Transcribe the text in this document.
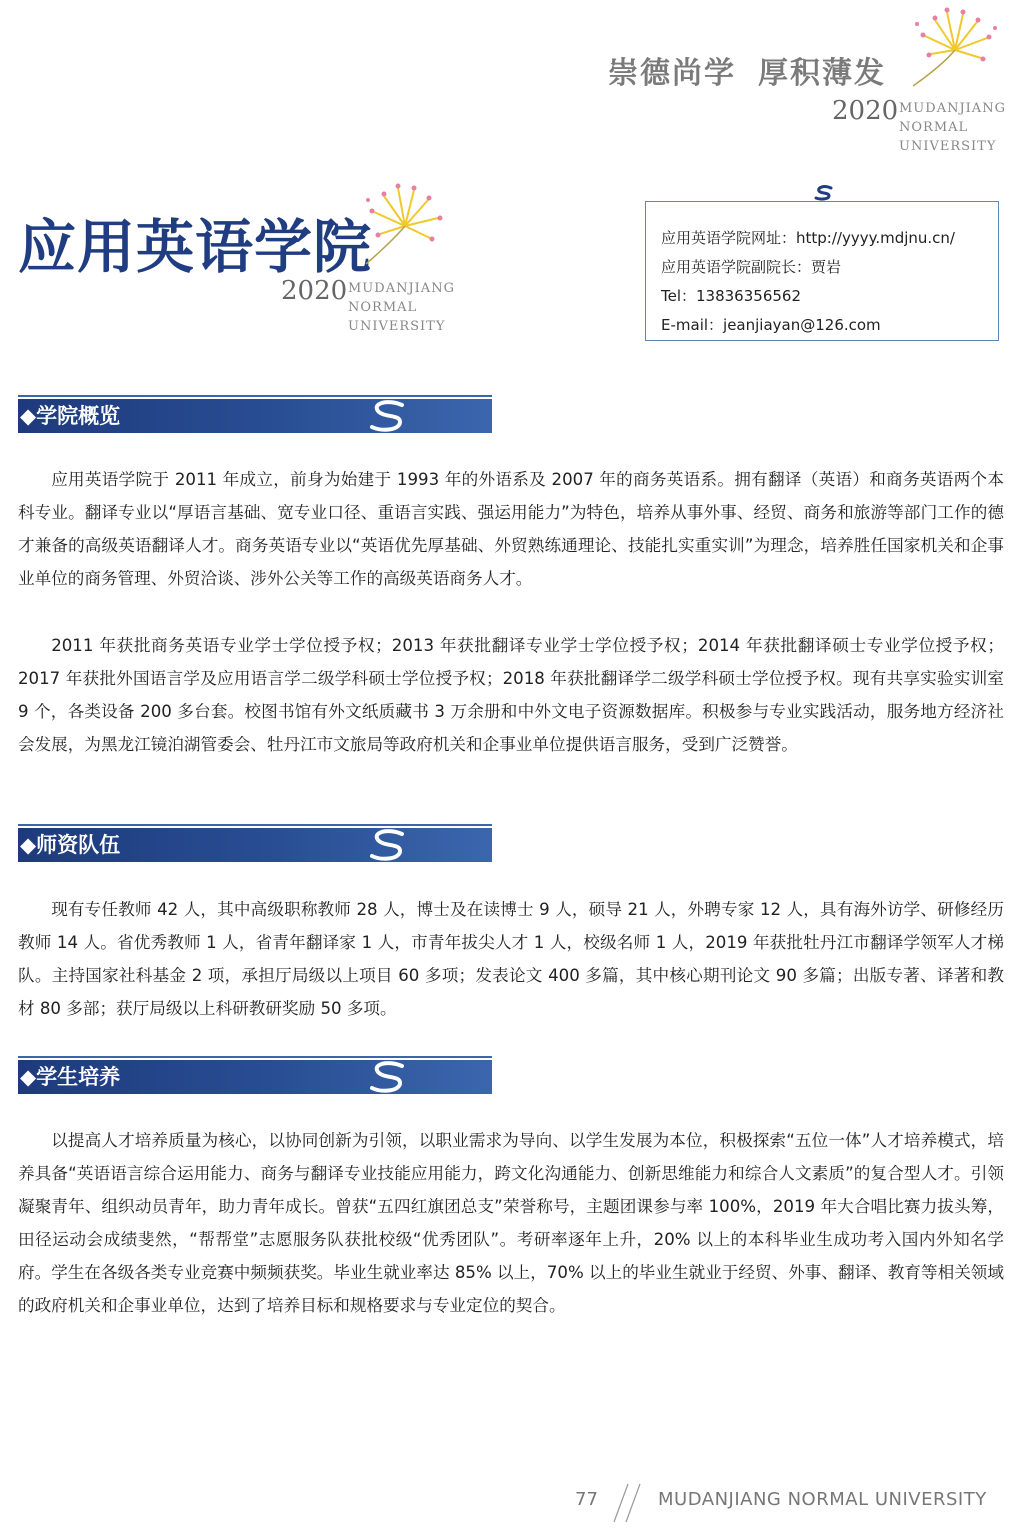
崇德尚学 厚积薄发
2020 MUDANJIANG
NORMAL
UNIVERSITY
应用英语学院
2020 MUDANJIANG
NORMAL
UNIVERSITY
应用英语学院网址：http://yyyy.mdjnu.cn/
应用英语学院副院长：贾岩
Tel：13836356562
E-mail：jeanjiayan@126.com
◆学院概览

应用英语学院于 2011 年成立，前身为始建于 1993 年的外语系及 2007 年的商务英语系。拥有翻译（英语）和商务英语两个本科专业。翻译专业以“厚语言基础、宽专业口径、重语言实践、强运用能力”为特色，培养从事外事、经贸、商务和旅游等部门工作的德才兼备的高级英语翻译人才。商务英语专业以“英语优先厚基础、外贸熟练通理论、技能扎实重实训”为理念，培养胜任国家机关和企事业单位的商务管理、外贸洽谈、涉外公关等工作的高级英语商务人才。

2011 年获批商务英语专业学士学位授予权；2013 年获批翻译专业学士学位授予权；2014 年获批翻译硕士专业学位授予权；2017 年获批外国语言学及应用语言学二级学科硕士学位授予权；2018 年获批翻译学二级学科硕士学位授予权。现有共享实验实训室 9 个，各类设备 200 多台套。校图书馆有外文纸质藏书 3 万余册和中外文电子资源数据库。积极参与专业实践活动，服务地方经济社会发展，为黑龙江镜泊湖管委会、牡丹江市文旅局等政府机关和企事业单位提供语言服务，受到广泛赞誉。

◆师资队伍

现有专任教师 42 人，其中高级职称教师 28 人，博士及在读博士 9 人，硕导 21 人，外聘专家 12 人，具有海外访学、研修经历教师 14 人。省优秀教师 1 人，省青年翻译家 1 人，市青年拔尖人才 1 人，校级名师 1 人，2019 年获批牡丹江市翻译学领军人才梯队。主持国家社科基金 2 项，承担厅局级以上项目 60 多项；发表论文 400 多篇，其中核心期刊论文 90 多篇；出版专著、译著和教材 80 多部；获厅局级以上科研教研奖励 50 多项。

◆学生培养

以提高人才培养质量为核心，以协同创新为引领，以职业需求为导向、以学生发展为本位，积极探索“五位一体”人才培养模式，培养具备“英语语言综合运用能力、商务与翻译专业技能应用能力，跨文化沟通能力、创新思维能力和综合人文素质”的复合型人才。引领凝聚青年、组织动员青年，助力青年成长。曾获“五四红旗团总支”荣誉称号，主题团课参与率 100%，2019 年大合唱比赛力拔头筹，田径运动会成绩斐然，“帮帮堂”志愿服务队获批校级“优秀团队”。考研率逐年上升，20% 以上的本科毕业生成功考入国内外知名学府。学生在各级各类专业竞赛中频频获奖。毕业生就业率达 85% 以上，70% 以上的毕业生就业于经贸、外事、翻译、教育等相关领域的政府机关和企事业单位，达到了培养目标和规格要求与专业定位的契合。

77	MUDANJIANG NORMAL UNIVERSITY
